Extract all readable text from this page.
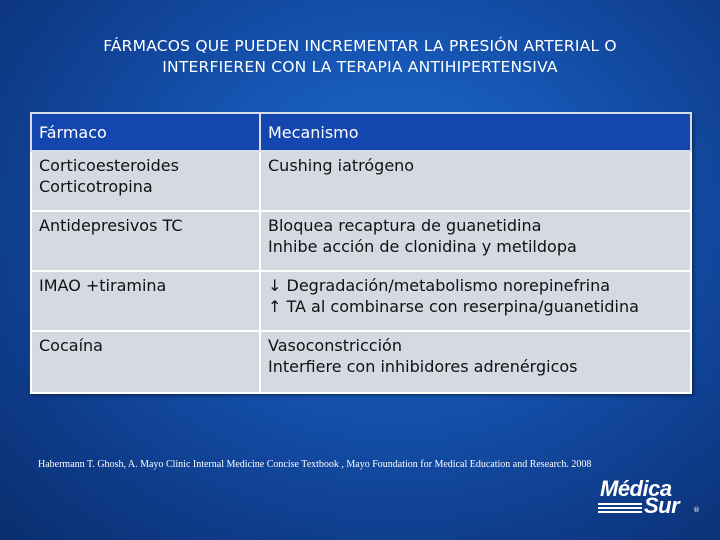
FÁRMACOS QUE PUEDEN INCREMENTAR LA PRESIÓN ARTERIAL O
INTERFIEREN CON LA TERAPIA ANTIHIPERTENSIVA
Fármaco	Mecanismo

Corticoesteroides
Corticotropina	Cushing iatrógeno

Antidepresivos TC	Bloquea recaptura de guanetidina
Inhibe acción de clonidina y metildopa

IMAO +tiramina	↓ Degradación/metabolismo norepinefrina
↑ TA al combinarse con reserpina/guanetidina

Cocaína	Vasoconstricción
Interfiere con inhibidores adrenérgicos
Habermann T. Ghosh, A. Mayo Clinic Internal Medicine Concise Textbook , Mayo Foundation for Medical Education and Research. 2008
Médica
Sur ®
